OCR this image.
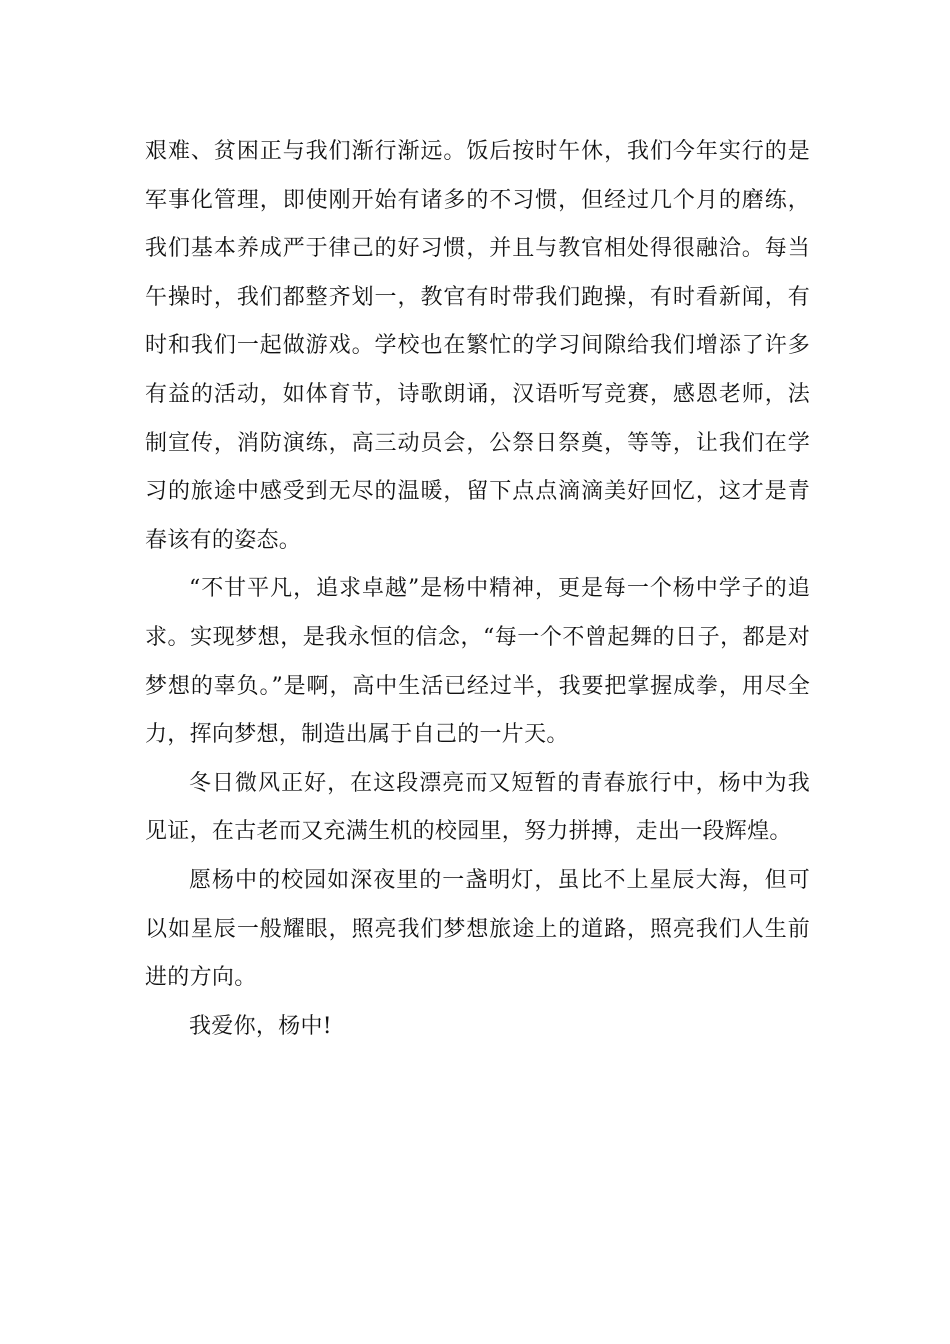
艰难、贫困正与我们渐行渐远。饭后按时午休，我们今年实行的是军事化管理，即使刚开始有诸多的不习惯，但经过几个月的磨练，我们基本养成严于律己的好习惯，并且与教官相处得很融洽。每当午操时，我们都整齐划一，教官有时带我们跑操，有时看新闻，有时和我们一起做游戏。学校也在繁忙的学习间隙给我们增添了许多有益的活动，如体育节，诗歌朗诵，汉语听写竞赛，感恩老师，法制宣传，消防演练，高三动员会，公祭日祭奠，等等，让我们在学习的旅途中感受到无尽的温暖，留下点点滴滴美好回忆，这才是青春该有的姿态。

“不甘平凡，追求卓越”是杨中精神，更是每一个杨中学子的追求。实现梦想，是我永恒的信念，“每一个不曾起舞的日子，都是对梦想的辜负。”是啊，高中生活已经过半，我要把掌握成拳，用尽全力，挥向梦想，制造出属于自己的一片天。

冬日微风正好，在这段漂亮而又短暂的青春旅行中，杨中为我见证，在古老而又充满生机的校园里，努力拼搏，走出一段辉煌。

愿杨中的校园如深夜里的一盏明灯，虽比不上星辰大海，但可以如星辰一般耀眼，照亮我们梦想旅途上的道路，照亮我们人生前进的方向。

我爱你，杨中!
